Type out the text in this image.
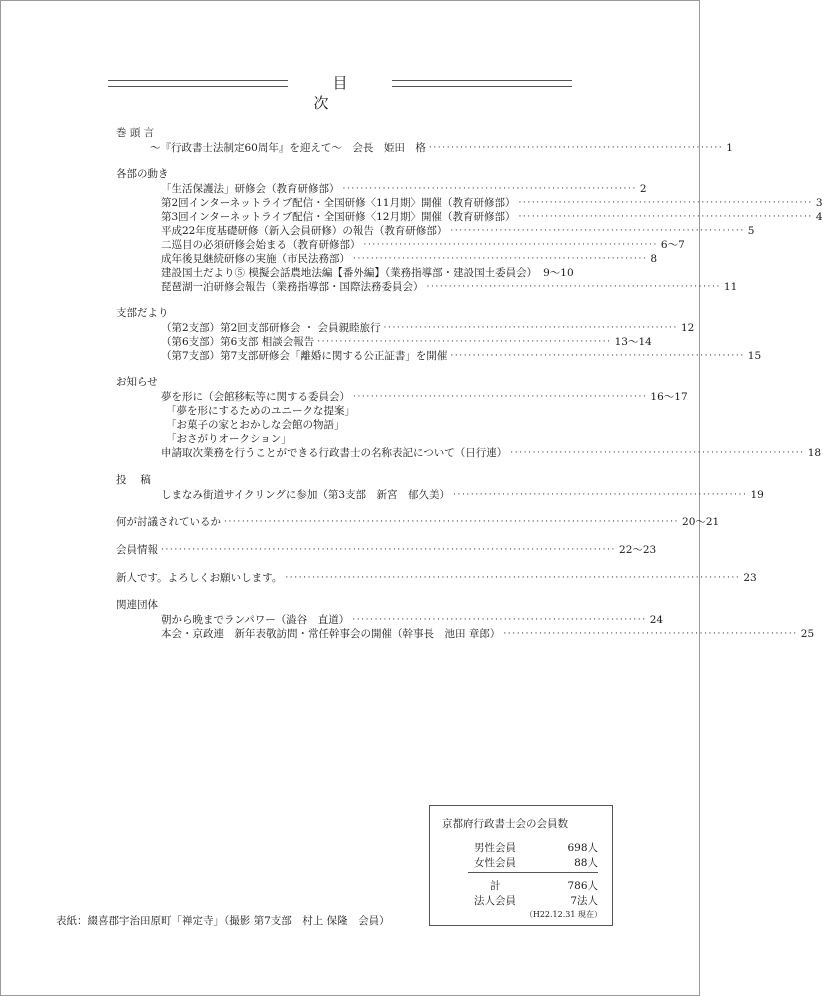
目次
巻 頭 言
～『行政書士法制定60周年』を迎えて～　会長　姫田　格 ·································································· 1
各部の動き
「生活保護法」研修会（教育研修部） ·································································· 2
第2回インターネットライブ配信・全国研修〈11月期〉開催（教育研修部） ·································································· 3
第3回インターネットライブ配信・全国研修〈12月期〉開催（教育研修部） ·································································· 4
平成22年度基礎研修（新入会員研修）の報告（教育研修部） ·································································· 5
二巡目の必須研修会始まる（教育研修部） ·································································· 6～7
成年後見継続研修の実施（市民法務部） ·································································· 8
建設国土だより⑤ 模擬会話農地法編【番外編】（業務指導部・建設国土委員会） 9～10
琵琶湖一泊研修会報告（業務指導部・国際法務委員会） ·································································· 11
支部だより
（第2支部）第2回支部研修会 ・ 会員親睦旅行 ·································································· 12
（第6支部）第6支部 相談会報告 ·································································· 13～14
（第7支部）第7支部研修会「離婚に関する公正証書」を開催 ·································································· 15
お知らせ
夢を形に（会館移転等に関する委員会） ·································································· 16～17
「夢を形にするためのユニークな提案」
「お菓子の家とおかしな会館の物語」
「おさがりオークション」
申請取次業務を行うことができる行政書士の名称表記について（日行連） ·································································· 18
投　 稿
しまなみ街道サイクリングに参加（第3支部　新宮　郁久美） ·································································· 19
何が討議されているか ······································································································ 20～21
会員情報 ······································································································ 22～23
新人です。よろしくお願いします。 ······································································································ 23
関連団体
朝から晩までランパワー（澁谷　直道） ·································································· 24
本会・京政連　新年表敬訪問・常任幹事会の開催（幹事長　池田 章郎） ·································································· 25
京都府行政書士会の会員数
男性会員	698人
女性会員	88人
計	786人
法人会員	7法人
（H22.12.31 現在）
表紙：綴喜郡宇治田原町「禅定寺」（撮影 第7支部　村上 保隆　会員）
